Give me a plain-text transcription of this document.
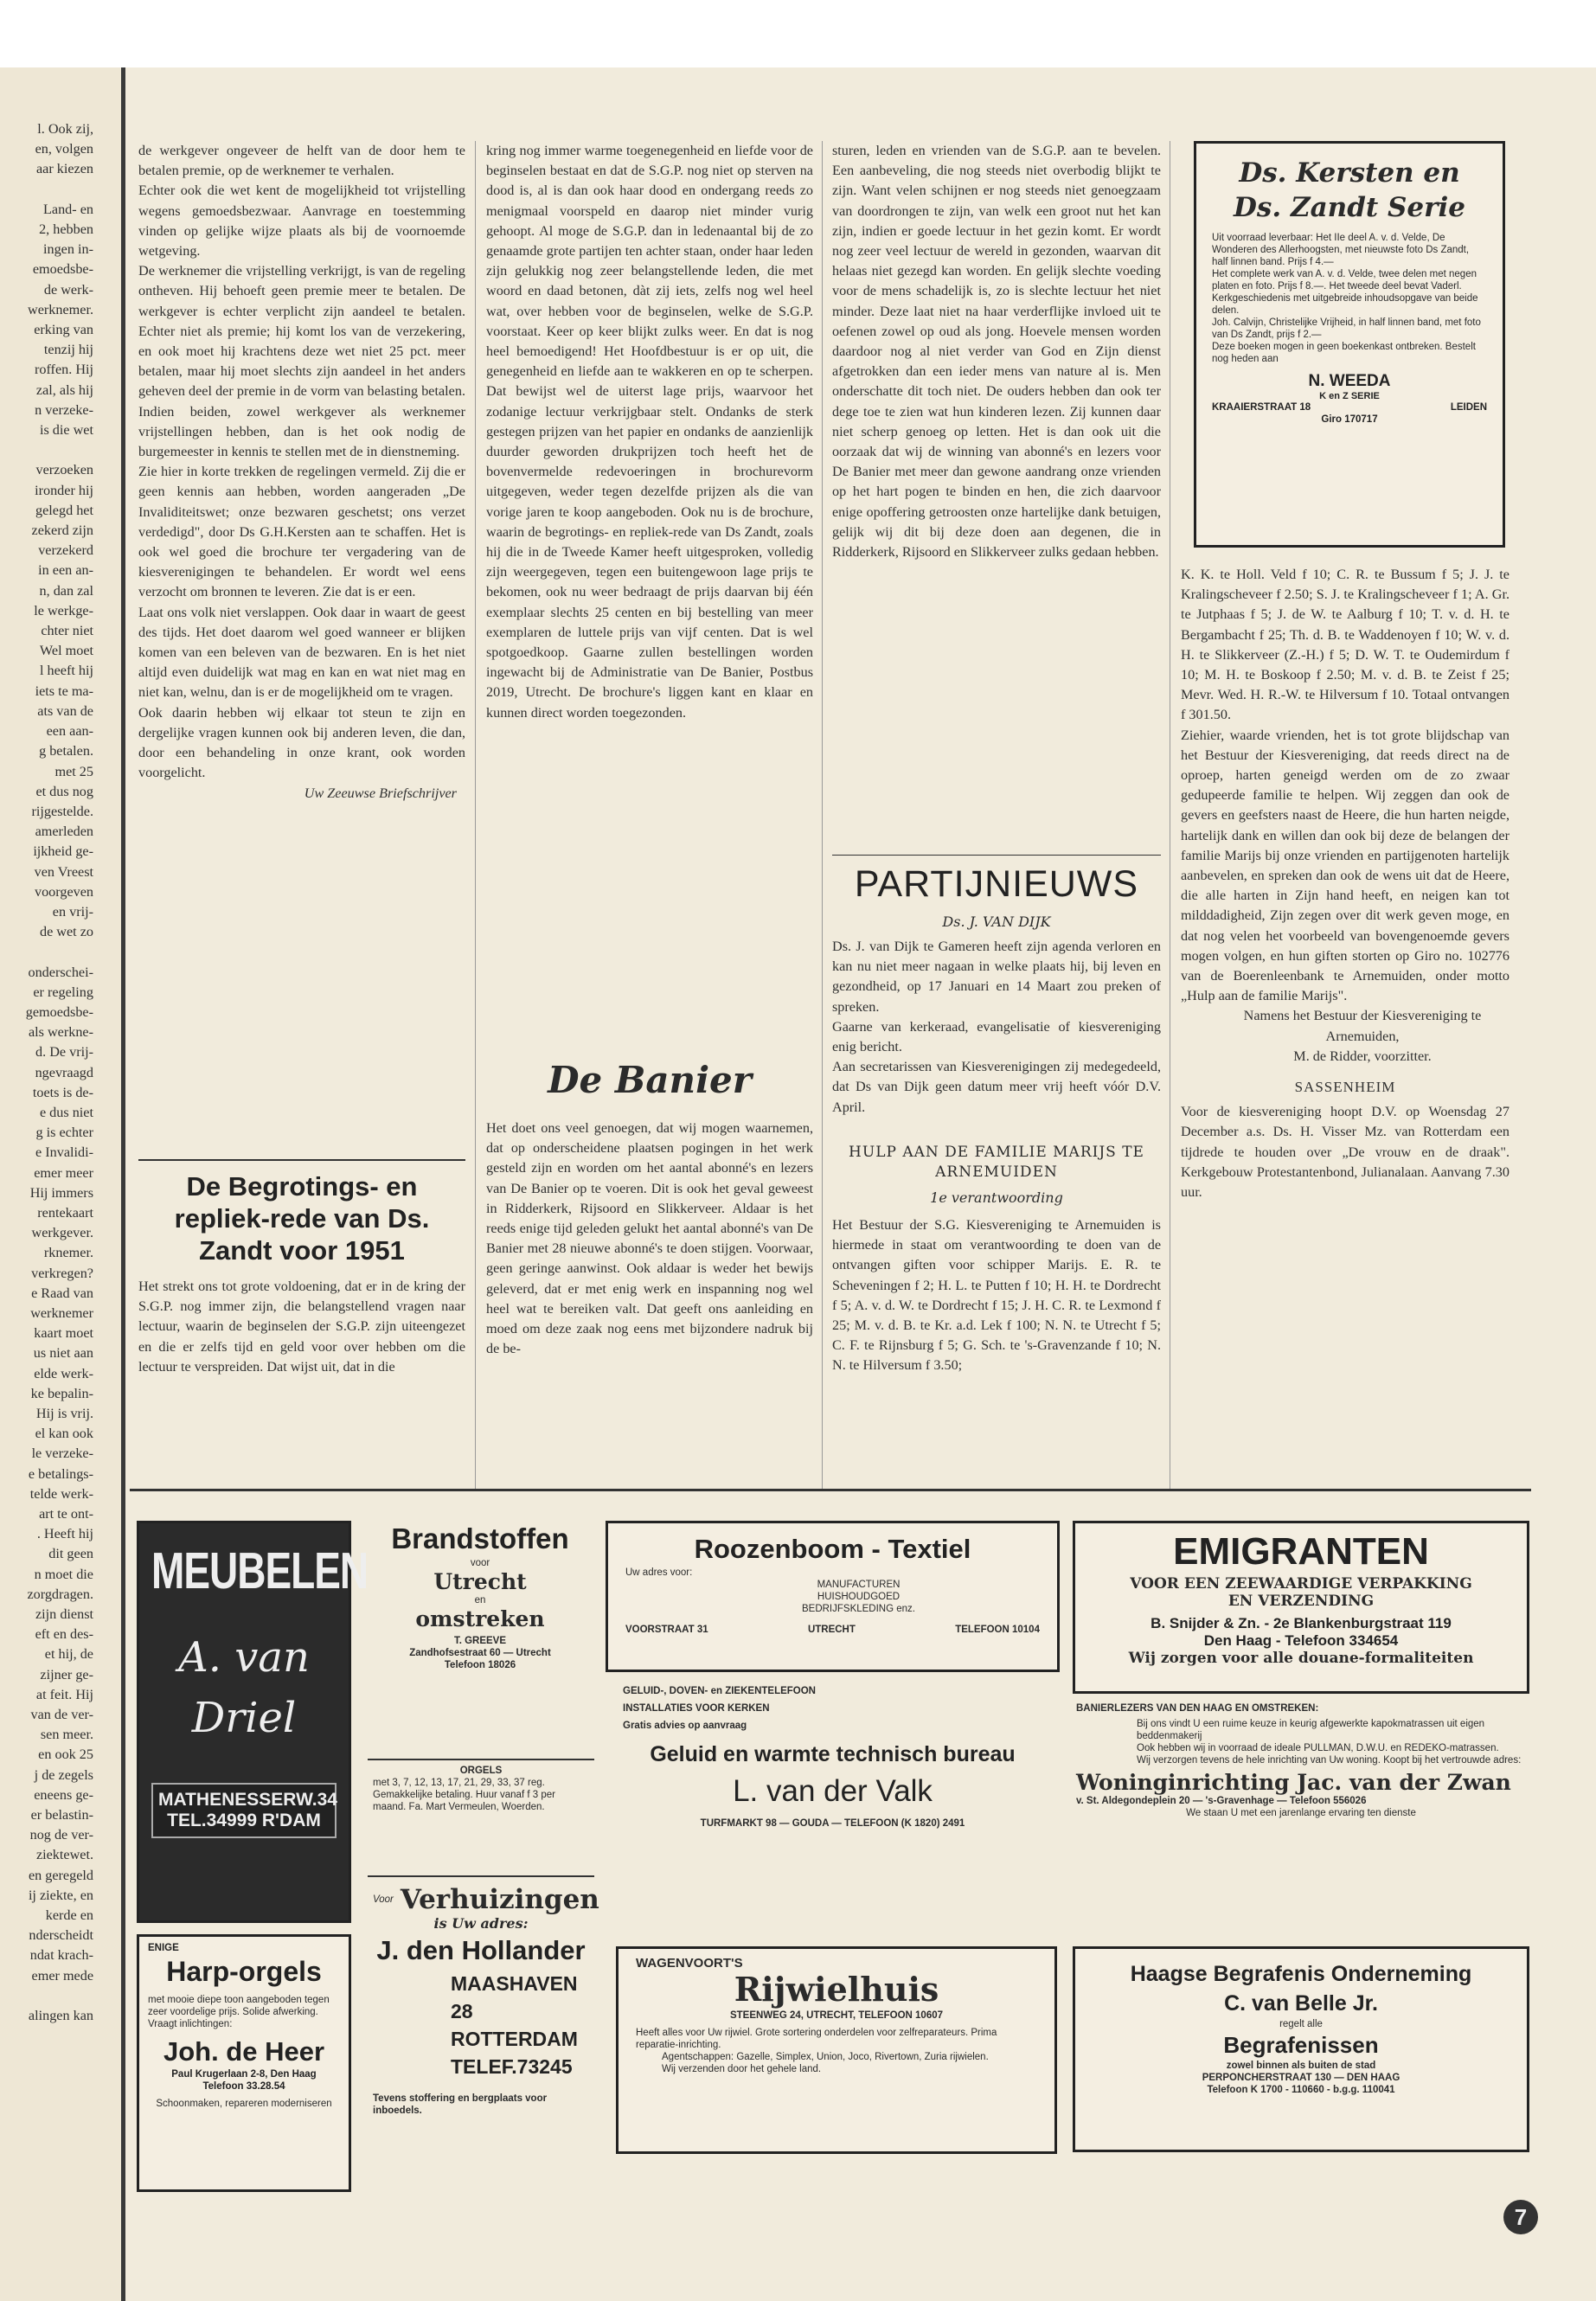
l. Ook zij,

en, volgen

aar kiezen

Land- en

2, hebben

ingen in-

emoedsbe-

de werk-

werknemer.

erking van

tenzij hij

roffen. Hij

zal, als hij

n verzeke-

is die wet

verzoeken

ironder hij

gelegd het

zekerd zijn

verzekerd

in een an-

n, dan zal

le werkge-

chter niet

Wel moet

l heeft hij

iets te ma-

ats van de

een aan-

g betalen.

met 25

et dus nog

rijgestelde.

amerleden

ijkheid ge-

ven Vreest

voorgeven

en vrij-

de wet zo

onderschei-

er regeling

gemoedsbe-

als werkne-

d. De vrij-

ngevraagd

toets is de-

e dus niet

g is echter

e Invalidi-

emer meer

Hij immers

rentekaart

werkgever.

rknemer.

verkregen?

e Raad van

werknemer

kaart moet

us niet aan

elde werk-

ke bepalin-

Hij is vrij.

el kan ook

le verzeke-

e betalings-

telde werk-

art te ont-

. Heeft hij

dit geen

n moet die

zorgdragen.

zijn dienst

eft en des-

et hij, de

zijner ge-

at feit. Hij

van de ver-

sen meer.

en ook 25

j de zegels

eneens ge-

er belastin-

nog de ver-

ziektewet.

en geregeld

ij ziekte, en

kerde en

nderscheidt

ndat krach-

emer mede

alingen kan

de werkgever ongeveer de helft van de door hem te betalen premie, op de werknemer te verhalen.

Echter ook die wet kent de mogelijkheid tot vrijstelling wegens gemoedsbezwaar. Aanvrage en toestemming vinden op gelijke wijze plaats als bij de voornoemde wetgeving.

De werknemer die vrijstelling verkrijgt, is van de regeling ontheven. Hij behoeft geen premie meer te betalen. De werkgever is echter verplicht zijn aandeel te betalen. Echter niet als premie; hij komt los van de verzekering, en ook moet hij krachtens deze wet niet 25 pct. meer betalen, maar hij moet slechts zijn aandeel in het anders geheven deel der premie in de vorm van belasting betalen. Indien beiden, zowel werkgever als werknemer vrijstellingen hebben, dan is het ook nodig de burgemeester in kennis te stellen met de in dienstneming.

Zie hier in korte trekken de regelingen vermeld. Zij die er geen kennis aan hebben, worden aangeraden „De Invaliditeitswet; onze bezwaren geschetst; ons verzet verdedigd", door Ds G.H.Kersten aan te schaffen. Het is ook wel goed die brochure ter vergadering van de kiesverenigingen te behandelen. Er wordt wel eens verzocht om bronnen te leveren. Zie dat is er een.

Laat ons volk niet verslappen. Ook daar in waart de geest des tijds. Het doet daarom wel goed wanneer er blijken komen van een beleven van de bezwaren. En is het niet altijd even duidelijk wat mag en kan en wat niet mag en niet kan, welnu, dan is er de mogelijkheid om te vragen.

Ook daarin hebben wij elkaar tot steun te zijn en dergelijke vragen kunnen ook bij anderen leven, die dan, door een behandeling in onze krant, ook worden voorgelicht.

Uw Zeeuwse Briefschrijver

De Begrotings- en repliek-rede van Ds. Zandt voor 1951

Het strekt ons tot grote voldoening, dat er in de kring der S.G.P. nog immer zijn, die belangstellend vragen naar lectuur, waarin de beginselen der S.G.P. zijn uiteengezet en die er zelfs tijd en geld voor over hebben om die lectuur te verspreiden. Dat wijst uit, dat in die

kring nog immer warme toegenegenheid en liefde voor de beginselen bestaat en dat de S.G.P. nog niet op sterven na dood is, al is dan ook haar dood en ondergang reeds zo menigmaal voorspeld en daarop niet minder vurig gehoopt. Al moge de S.G.P. dan in ledenaantal bij de zo genaamde grote partijen ten achter staan, onder haar leden zijn gelukkig nog zeer belangstellende leden, die met woord en daad betonen, dàt zij iets, zelfs nog wel heel wat, over hebben voor de beginselen, welke de S.G.P. voorstaat. Keer op keer blijkt zulks weer. En dat is nog heel bemoedigend! Het Hoofdbestuur is er op uit, die genegenheid en liefde aan te wakkeren en op te scherpen. Dat bewijst wel de uiterst lage prijs, waarvoor het zodanige lectuur verkrijgbaar stelt. Ondanks de sterk gestegen prijzen van het papier en ondanks de aanzienlijk duurder geworden drukprijzen toch heeft het de bovenvermelde redevoeringen in brochurevorm uitgegeven, weder tegen dezelfde prijzen als die van vorige jaren te koop aangeboden. Ook nu is de brochure, waarin de begrotings- en repliek-rede van Ds Zandt, zoals hij die in de Tweede Kamer heeft uitgesproken, volledig zijn weergegeven, tegen een buitengewoon lage prijs te bekomen, ook nu weer bedraagt de prijs daarvan bij één exemplaar slechts 25 centen en bij bestelling van meer exemplaren de luttele prijs van vijf centen. Dat is wel spotgoedkoop. Gaarne zullen bestellingen worden ingewacht bij de Administratie van De Banier, Postbus 2019, Utrecht. De brochure's liggen kant en klaar en kunnen direct worden toegezonden.

De Banier

Het doet ons veel genoegen, dat wij mogen waarnemen, dat op onderscheidene plaatsen pogingen in het werk gesteld zijn en worden om het aantal abonné's en lezers van De Banier op te voeren. Dit is ook het geval geweest in Ridderkerk, Rijsoord en Slikkerveer. Aldaar is het reeds enige tijd geleden gelukt het aantal abonné's van De Banier met 28 nieuwe abonné's te doen stijgen. Voorwaar, geen geringe aanwinst. Ook aldaar is weder het bewijs geleverd, dat er met enig werk en inspanning nog wel heel wat te bereiken valt. Dat geeft ons aanleiding en moed om deze zaak nog eens met bijzondere nadruk bij de be-

sturen, leden en vrienden van de S.G.P. aan te bevelen. Een aanbeveling, die nog steeds niet overbodig blijkt te zijn. Want velen schijnen er nog steeds niet genoegzaam van doordrongen te zijn, van welk een groot nut het kan zijn, indien er goede lectuur in het gezin komt. Er wordt nog zeer veel lectuur de wereld in gezonden, waarvan dit helaas niet gezegd kan worden. En gelijk slechte voeding voor de mens schadelijk is, zo is slechte lectuur het niet minder. Deze laat niet na haar verderflijke invloed uit te oefenen zowel op oud als jong. Hoevele mensen worden daardoor nog al niet verder van God en Zijn dienst afgetrokken dan een ieder mens van nature al is. Men onderschatte dit toch niet. De ouders hebben dan ook ter dege toe te zien wat hun kinderen lezen. Zij kunnen daar niet scherp genoeg op letten. Het is dan ook uit die oorzaak dat wij de winning van abonné's en lezers voor De Banier met meer dan gewone aandrang onze vrienden op het hart pogen te binden en hen, die zich daarvoor enige opoffering getroosten onze hartelijke dank betuigen, gelijk wij dit bij deze doen aan degenen, die in Ridderkerk, Rijsoord en Slikkerveer zulks gedaan hebben.

PARTIJNIEUWS
Ds. J. VAN DIJK

Ds. J. van Dijk te Gameren heeft zijn agenda verloren en kan nu niet meer nagaan in welke plaats hij, bij leven en gezondheid, op 17 Januari en 14 Maart zou preken of spreken.

Gaarne van kerkeraad, evangelisatie of kiesvereniging enig bericht.

Aan secretarissen van Kiesverenigingen zij medegedeeld, dat Ds van Dijk geen datum meer vrij heeft vóór D.V. April.

HULP AAN DE FAMILIE MARIJS TE ARNEMUIDEN
1e verantwoording

Het Bestuur der S.G. Kiesvereniging te Arnemuiden is hiermede in staat om verantwoording te doen van de ontvangen giften voor schipper Marijs. E. R. te Scheveningen f 2; H. L. te Putten f 10; H. H. te Dordrecht f 5; A. v. d. W. te Dordrecht f 15; J. H. C. R. te Lexmond f 25; M. v. d. B. te Kr. a.d. Lek f 100; N. N. te Utrecht f 5; C. F. te Rijnsburg f 5; G. Sch. te 's-Gravenzande f 10; N. N. te Hilversum f 3.50;

Ds. Kersten en
Ds. Zandt Serie

Uit voorraad leverbaar: Het IIe deel A. v. d. Velde, De Wonderen des Allerhoogsten, met nieuwste foto Ds Zandt, half linnen band. Prijs f 4.—

Het complete werk van A. v. d. Velde, twee delen met negen platen en foto. Prijs f 8.—. Het tweede deel bevat Vaderl. Kerkgeschiedenis met uitgebreide inhoudsopgave van beide delen.

Joh. Calvijn, Christelijke Vrijheid, in half linnen band, met foto van Ds Zandt, prijs f 2.—

Deze boeken mogen in geen boekenkast ontbreken. Bestelt nog heden aan

N. WEEDA
K en Z SERIE
KRAAIERSTRAAT 18	LEIDEN
Giro 170717

K. K. te Holl. Veld f 10; C. R. te Bussum f 5; J. J. te Kralingscheveer f 2.50; S. J. te Kralingscheveer f 1; A. Gr. te Jutphaas f 5; J. de W. te Aalburg f 10; T. v. d. H. te Bergambacht f 25; Th. d. B. te Waddenoyen f 10; W. v. d. H. te Slikkerveer (Z.-H.) f 5; D. W. T. te Oudemirdum f 10; M. H. te Boskoop f 2.50; M. v. d. B. te Zeist f 25; Mevr. Wed. H. R.-W. te Hilversum f 10. Totaal ontvangen f 301.50.

Ziehier, waarde vrienden, het is tot grote blijdschap van het Bestuur der Kiesvereniging, dat reeds direct na de oproep, harten geneigd werden om de zo zwaar gedupeerde familie te helpen. Wij zeggen dan ook de gevers en geefsters naast de Heere, die hun harten neigde, hartelijk dank en willen dan ook bij deze de belangen der familie Marijs bij onze vrienden en partijgenoten hartelijk aanbevelen, en spreken dan ook de wens uit dat de Heere, die alle harten in Zijn hand heeft, en neigen kan tot milddadigheid, Zijn zegen over dit werk geven moge, en dat nog velen het voorbeeld van bovengenoemde gevers mogen volgen, en hun giften storten op Giro no. 102776 van de Boerenleenbank te Arnemuiden, onder motto „Hulp aan de familie Marijs".

Namens het Bestuur der Kiesvereniging te Arnemuiden,

M. de Ridder, voorzitter.

SASSENHEIM

Voor de kiesvereniging hoopt D.V. op Woensdag 27 December a.s. Ds. H. Visser Mz. van Rotterdam een tijdrede te houden over „De vrouw en de draak". Kerkgebouw Protestantenbond, Julianalaan. Aanvang 7.30 uur.

MEUBELEN
A. van Driel
MATHENESSERW.34
TEL.34999 R'DAM
ENIGE
Harp-orgels
met mooie diepe toon aangeboden tegen zeer voordelige prijs. Solide afwerking. Vraagt inlichtingen:
Joh. de Heer
Paul Krugerlaan 2-8, Den Haag
Telefoon 33.28.54
Schoonmaken, repareren moderniseren
Brandstoffen
voor
Utrecht
en
omstreken
T. GREEVE
Zandhofsestraat 60 — Utrecht
Telefoon 18026
ORGELS
met 3, 7, 12, 13, 17, 21, 29, 33, 37 reg. Gemakkelijke betaling. Huur vanaf f 3 per maand. Fa. Mart Vermeulen, Woerden.
Voor Verhuizingen
is Uw adres:
J. den Hollander
MAASHAVEN 28
ROTTERDAM
TELEF.73245
Tevens stoffering en bergplaats voor inboedels.
Roozenboom - Textiel
Uw adres voor:

MANUFACTUREN

HUISHOUDGOED

BEDRIJFSKLEDING enz.

VOORSTRAAT 31	UTRECHT	TELEFOON 10104
GELUID-, DOVEN- en ZIEKENTELEFOON
INSTALLATIES VOOR KERKEN
Gratis advies op aanvraag
Geluid en warmte technisch bureau
L. van der Valk
TURFMARKT 98 — GOUDA — TELEFOON (K 1820) 2491
WAGENVOORT'S
Rijwielhuis
STEENWEG 24, UTRECHT, TELEFOON 10607
Heeft alles voor Uw rijwiel. Grote sortering onderdelen voor zelfreparateurs. Prima reparatie-inrichting.
Agentschappen: Gazelle, Simplex, Union, Joco, Rivertown, Zuria rijwielen.
Wij verzenden door het gehele land.
EMIGRANTEN
VOOR EEN ZEEWAARDIGE VERPAKKING
EN VERZENDING
B. Snijder & Zn. - 2e Blankenburgstraat 119
Den Haag - Telefoon 334654
Wij zorgen voor alle douane-formaliteiten
BANIERLEZERS VAN DEN HAAG EN OMSTREKEN:
Bij ons vindt U een ruime keuze in keurig afgewerkte kapokmatrassen uit eigen beddenmakerij
Ook hebben wij in voorraad de ideale PULLMAN, D.W.U. en REDEKO-matrassen.
Wij verzorgen tevens de hele inrichting van Uw woning. Koopt bij het vertrouwde adres:
Woninginrichting Jac. van der Zwan
v. St. Aldegondeplein 20 — 's-Gravenhage — Telefoon 556026
We staan U met een jarenlange ervaring ten dienste
Haagse Begrafenis Onderneming
C. van Belle Jr.
regelt alle
Begrafenissen
zowel binnen als buiten de stad
PERPONCHERSTRAAT 130 — DEN HAAG
Telefoon K 1700 - 110660 - b.g.g. 110041
7
